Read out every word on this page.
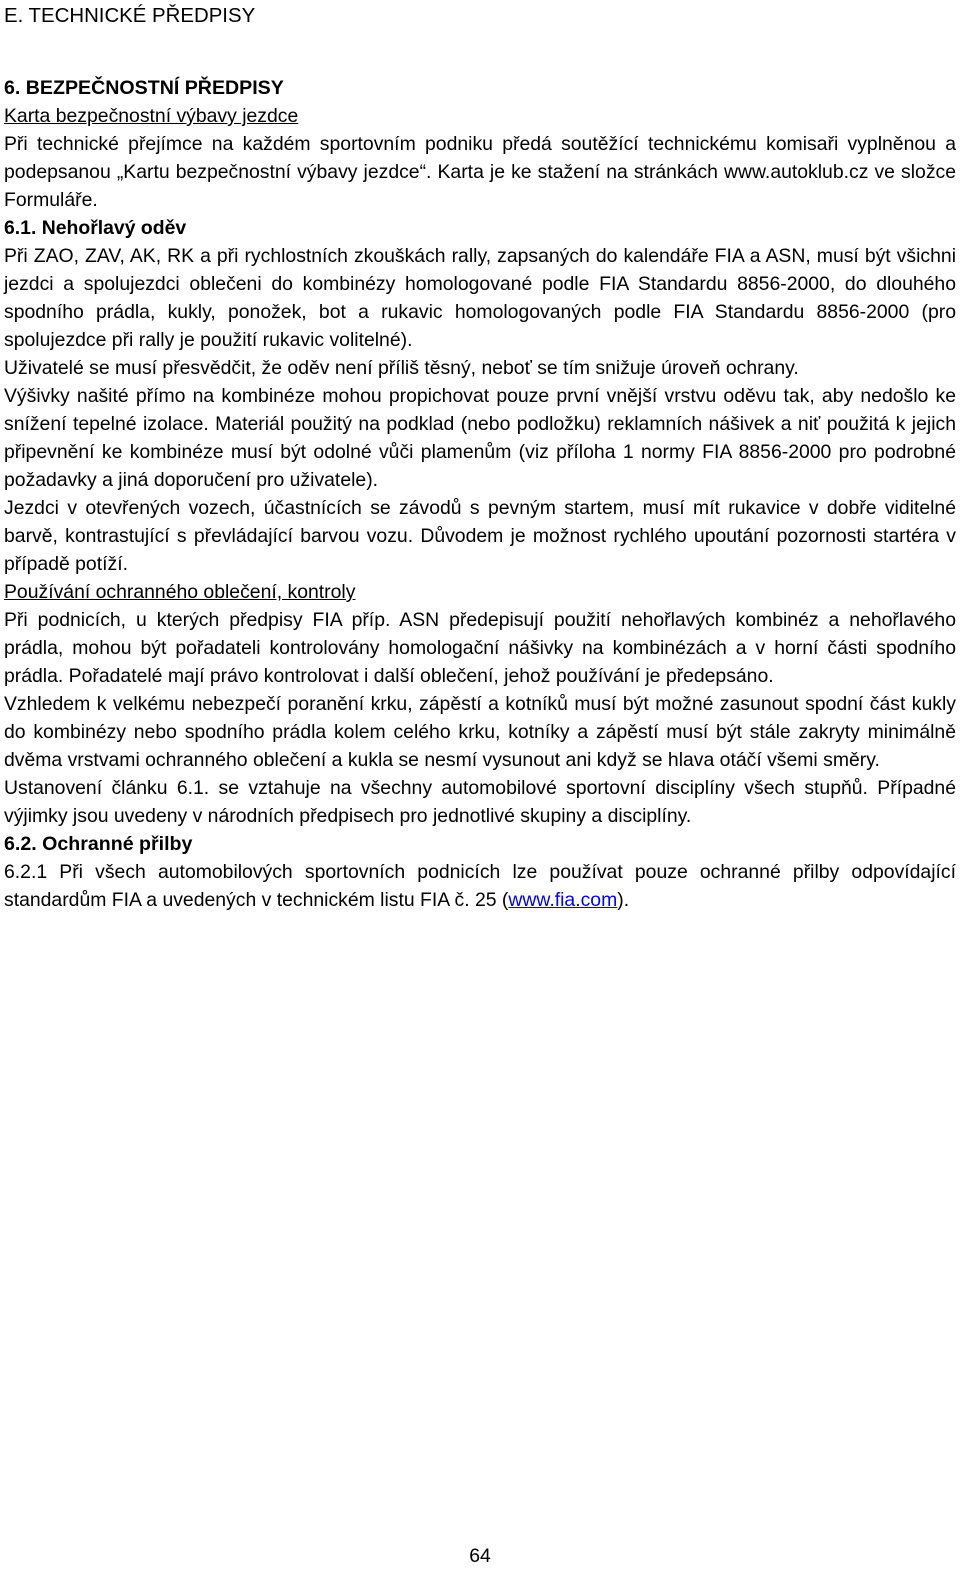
E. TECHNICKÉ PŘEDPISY
6. BEZPEČNOSTNÍ PŘEDPISY
Karta bezpečnostní výbavy jezdce

Při technické přejímce na každém sportovním podniku předá soutěžící technickému komisaři vyplněnou a podepsanou „Kartu bezpečnostní výbavy jezdce“. Karta je ke stažení na stránkách www.autoklub.cz ve složce Formuláře.

6.1. Nehořlavý oděv

Při ZAO, ZAV, AK, RK a při rychlostních zkouškách rally, zapsaných do kalendáře FIA a ASN, musí být všichni jezdci a spolujezdci oblečeni do kombinézy homologované podle FIA Standardu 8856-2000, do dlouhého spodního prádla, kukly, ponožek, bot a rukavic homologovaných podle FIA Standardu 8856-2000 (pro spolujezdce při rally je použití rukavic volitelné).

Uživatelé se musí přesvědčit, že oděv není příliš těsný, neboť se tím snižuje úroveň ochrany.

Výšivky našité přímo na kombinéze mohou propichovat pouze první vnější vrstvu oděvu tak, aby nedošlo ke snížení tepelné izolace. Materiál použitý na podklad (nebo podložku) reklamních nášivek a niť použitá k jejich připevnění ke kombinéze musí být odolné vůči plamenům (viz příloha 1 normy FIA 8856-2000 pro podrobné požadavky a jiná doporučení pro uživatele).

Jezdci v otevřených vozech, účastnících se závodů s pevným startem, musí mít rukavice v dobře viditelné barvě, kontrastující s převládající barvou vozu. Důvodem je možnost rychlého upoutání pozornosti startéra v případě potíží.

Používání ochranného oblečení, kontroly

Při podnicích, u kterých předpisy FIA příp. ASN předepisují použití nehořlavých kombinéz a nehořlavého prádla, mohou být pořadateli kontrolovány homologační nášivky na kombinézách a v horní části spodního prádla. Pořadatelé mají právo kontrolovat i další oblečení, jehož používání je předepsáno.

Vzhledem k velkému nebezpečí poranění krku, zápěstí a kotníků musí být možné zasunout spodní část kukly do kombinézy nebo spodního prádla kolem celého krku, kotníky a zápěstí musí být stále zakryty minimálně dvěma vrstvami ochranného oblečení a kukla se nesmí vysunout ani když se hlava otáčí všemi směry.

Ustanovení článku 6.1. se vztahuje na všechny automobilové sportovní disciplíny všech stupňů. Případné výjimky jsou uvedeny v národních předpisech pro jednotlivé skupiny a disciplíny.

6.2. Ochranné přilby

6.2.1 Při všech automobilových sportovních podnicích lze používat pouze ochranné přilby odpovídající standardům FIA a uvedených v technickém listu FIA č. 25 (www.fia.com).

64
